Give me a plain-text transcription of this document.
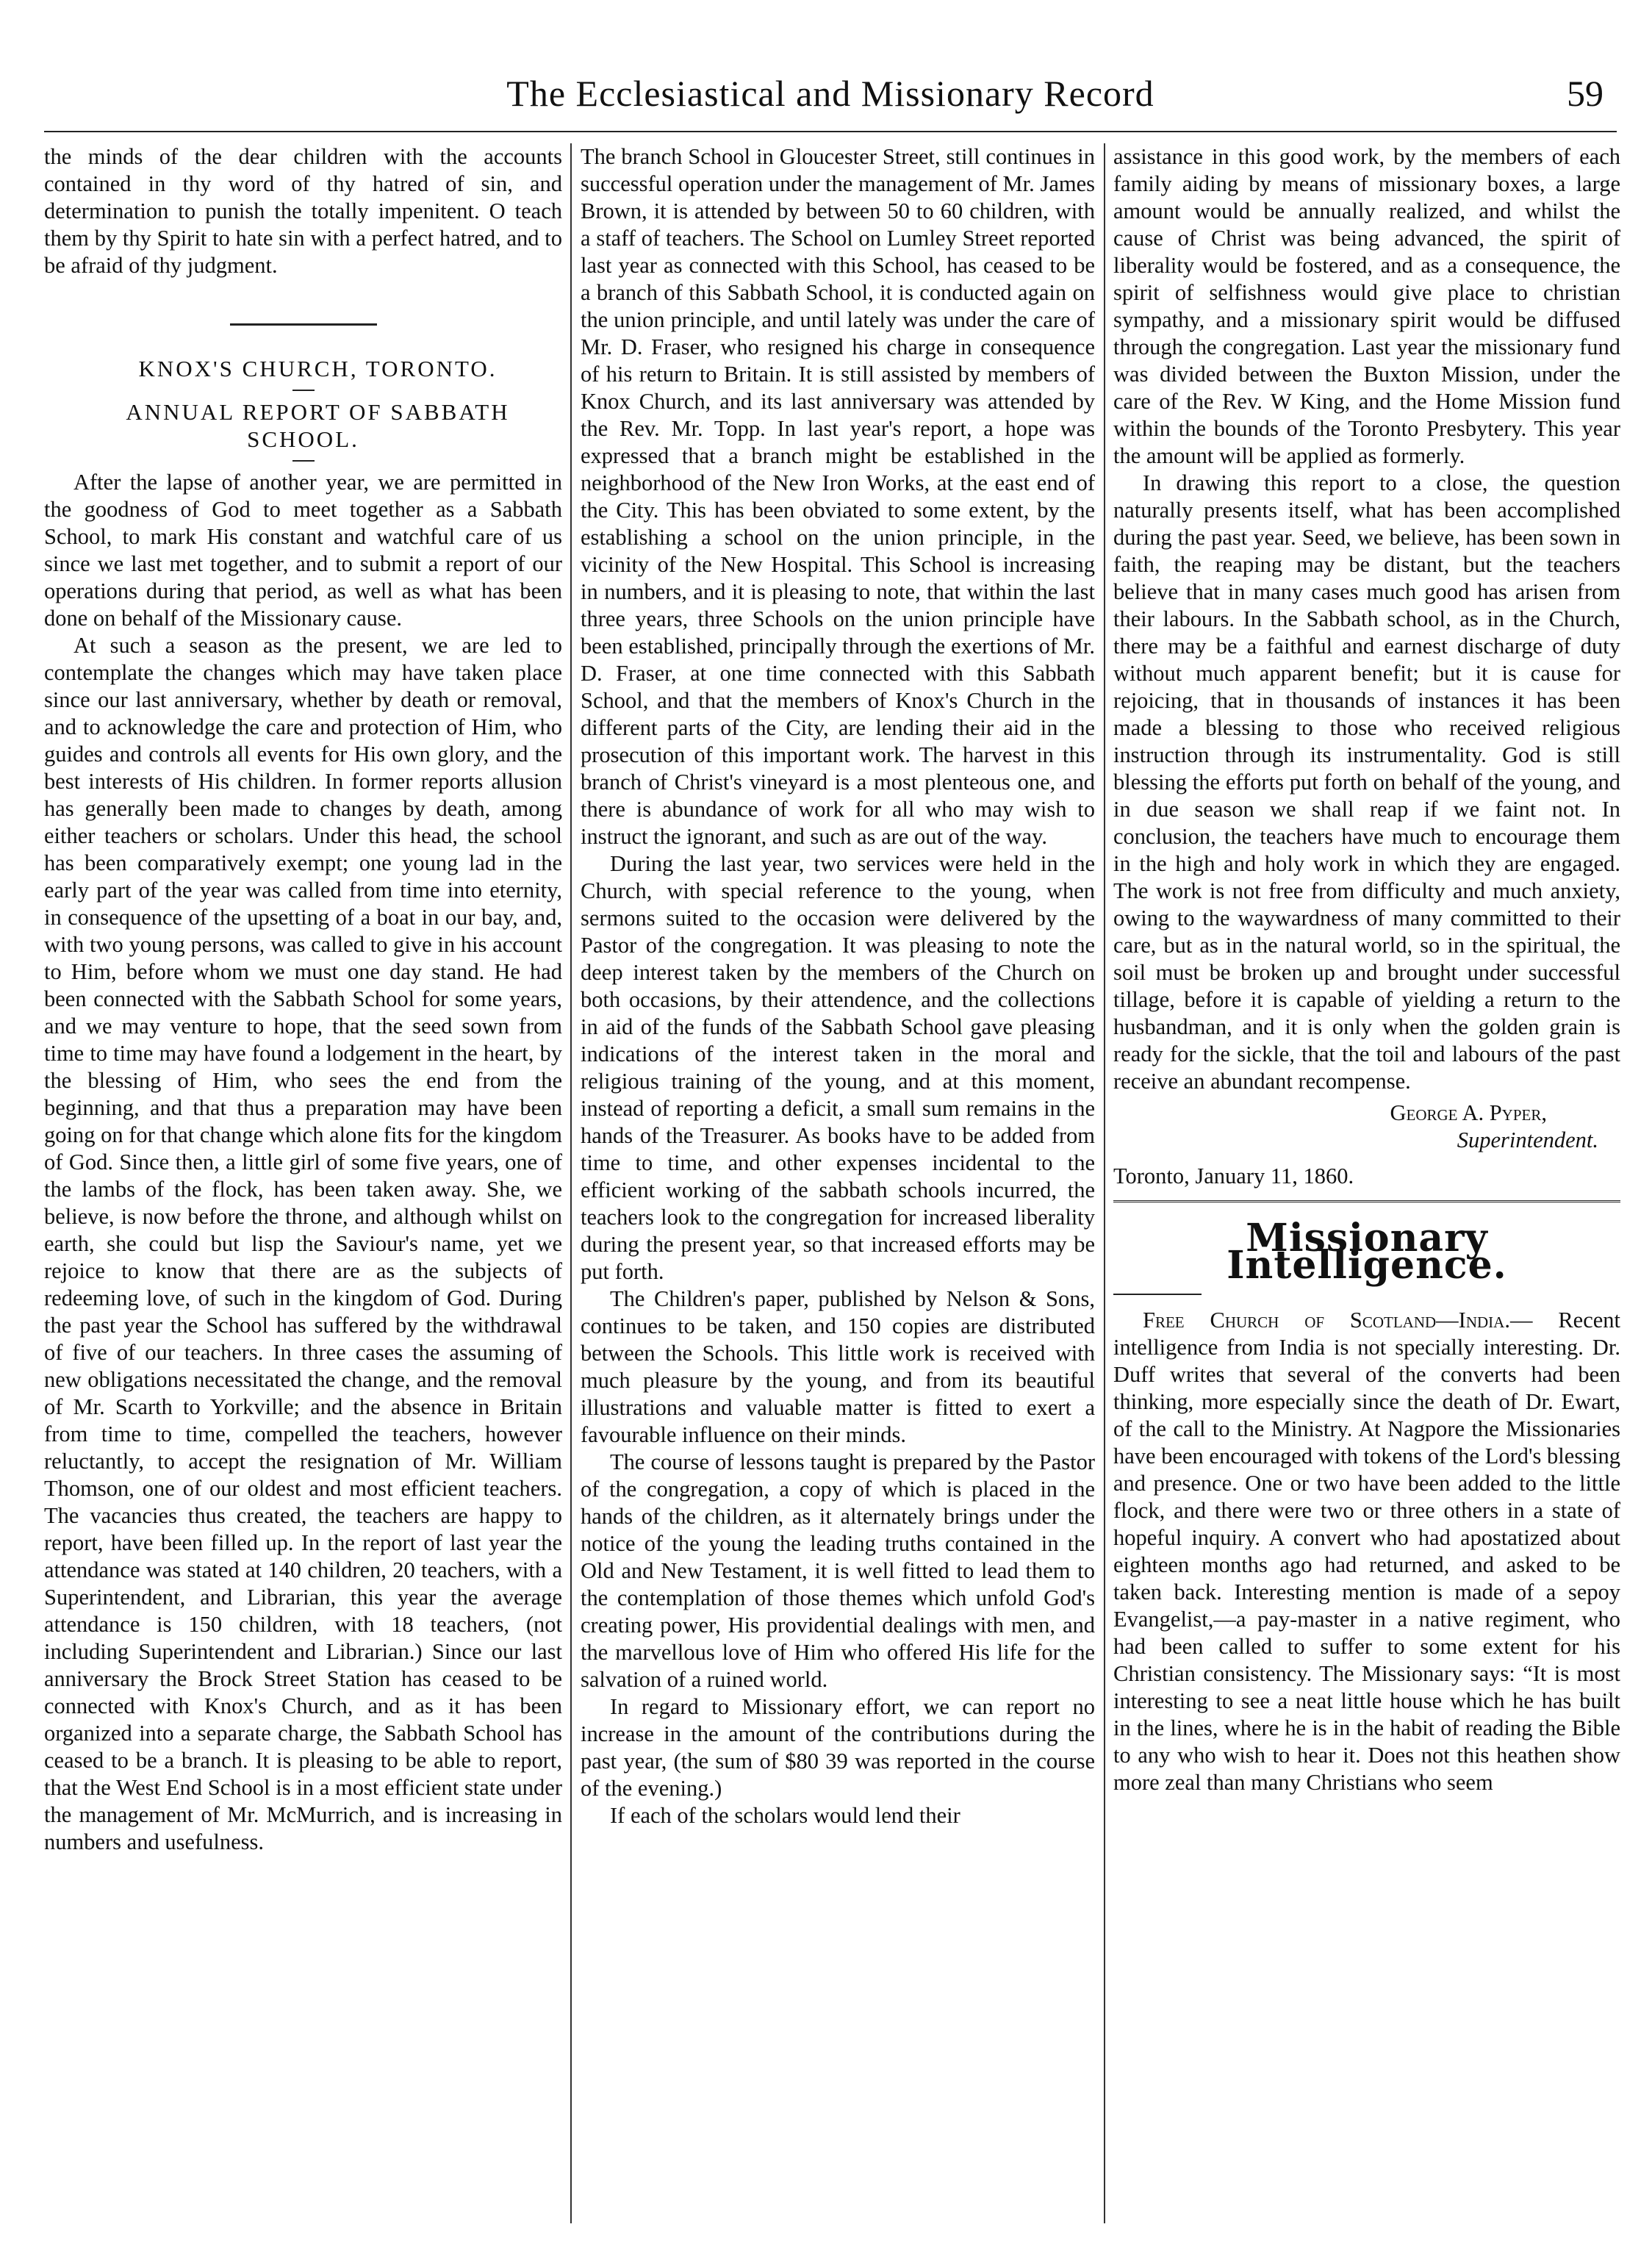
The Ecclesiastical and Missionary Record	59

the minds of the dear children with the accounts contained in thy word of thy hatred of sin, and determination to punish the totally impenitent. O teach them by thy Spirit to hate sin with a perfect hatred, and to be afraid of thy judgment.

KNOX'S CHURCH, TORONTO.

ANNUAL REPORT OF SABBATH SCHOOL.

After the lapse of another year, we are permitted in the goodness of God to meet together as a Sabbath School, to mark His constant and watchful care of us since we last met together, and to submit a report of our operations during that period, as well as what has been done on behalf of the Missionary cause.

At such a season as the present, we are led to contemplate the changes which may have taken place since our last anniversary, whether by death or removal, and to acknowledge the care and protection of Him, who guides and controls all events for His own glory, and the best interests of His children. In former reports allusion has generally been made to changes by death, among either teachers or scholars. Under this head, the school has been comparatively exempt; one young lad in the early part of the year was called from time into eternity, in consequence of the upsetting of a boat in our bay, and, with two young persons, was called to give in his account to Him, before whom we must one day stand. He had been connected with the Sabbath School for some years, and we may venture to hope, that the seed sown from time to time may have found a lodgement in the heart, by the blessing of Him, who sees the end from the beginning, and that thus a preparation may have been going on for that change which alone fits for the kingdom of God. Since then, a little girl of some five years, one of the lambs of the flock, has been taken away. She, we believe, is now before the throne, and although whilst on earth, she could but lisp the Saviour's name, yet we rejoice to know that there are as the subjects of redeeming love, of such in the kingdom of God. During the past year the School has suffered by the withdrawal of five of our teachers. In three cases the assuming of new obligations necessitated the change, and the removal of Mr. Scarth to Yorkville; and the absence in Britain from time to time, compelled the teachers, however reluctantly, to accept the resignation of Mr. William Thomson, one of our oldest and most efficient teachers. The vacancies thus created, the teachers are happy to report, have been filled up. In the report of last year the attendance was stated at 140 children, 20 teachers, with a Superintendent, and Librarian, this year the average attendance is 150 children, with 18 teachers, (not including Superintendent and Librarian.) Since our last anniversary the Brock Street Station has ceased to be connected with Knox's Church, and as it has been organized into a separate charge, the Sabbath School has ceased to be a branch. It is pleasing to be able to report, that the West End School is in a most efficient state under the management of Mr. McMurrich, and is increasing in numbers and usefulness.

The branch School in Gloucester Street, still continues in successful operation under the management of Mr. James Brown, it is attended by between 50 to 60 children, with a staff of teachers. The School on Lumley Street reported last year as connected with this School, has ceased to be a branch of this Sabbath School, it is conducted again on the union principle, and until lately was under the care of Mr. D. Fraser, who resigned his charge in consequence of his return to Britain. It is still assisted by members of Knox Church, and its last anniversary was attended by the Rev. Mr. Topp. In last year's report, a hope was expressed that a branch might be established in the neighborhood of the New Iron Works, at the east end of the City. This has been obviated to some extent, by the establishing a school on the union principle, in the vicinity of the New Hospital. This School is increasing in numbers, and it is pleasing to note, that within the last three years, three Schools on the union principle have been established, principally through the exertions of Mr. D. Fraser, at one time connected with this Sabbath School, and that the members of Knox's Church in the different parts of the City, are lending their aid in the prosecution of this important work. The harvest in this branch of Christ's vineyard is a most plenteous one, and there is abundance of work for all who may wish to instruct the ignorant, and such as are out of the way.

During the last year, two services were held in the Church, with special reference to the young, when sermons suited to the occasion were delivered by the Pastor of the congregation. It was pleasing to note the deep interest taken by the members of the Church on both occasions, by their attendence, and the collections in aid of the funds of the Sabbath School gave pleasing indications of the interest taken in the moral and religious training of the young, and at this moment, instead of reporting a deficit, a small sum remains in the hands of the Treasurer. As books have to be added from time to time, and other expenses incidental to the efficient working of the sabbath schools incurred, the teachers look to the congregation for increased liberality during the present year, so that increased efforts may be put forth.

The Children's paper, published by Nelson & Sons, continues to be taken, and 150 copies are distributed between the Schools. This little work is received with much pleasure by the young, and from its beautiful illustrations and valuable matter is fitted to exert a favourable influence on their minds.

The course of lessons taught is prepared by the Pastor of the congregation, a copy of which is placed in the hands of the children, as it alternately brings under the notice of the young the leading truths contained in the Old and New Testament, it is well fitted to lead them to the contemplation of those themes which unfold God's creating power, His providential dealings with men, and the marvellous love of Him who offered His life for the salvation of a ruined world.

In regard to Missionary effort, we can report no increase in the amount of the contributions during the past year, (the sum of $80 39 was reported in the course of the evening.)

If each of the scholars would lend their

assistance in this good work, by the members of each family aiding by means of missionary boxes, a large amount would be annually realized, and whilst the cause of Christ was being advanced, the spirit of liberality would be fostered, and as a consequence, the spirit of selfishness would give place to christian sympathy, and a missionary spirit would be diffused through the congregation. Last year the missionary fund was divided between the Buxton Mission, under the care of the Rev. W King, and the Home Mission fund within the bounds of the Toronto Presbytery. This year the amount will be applied as formerly.

In drawing this report to a close, the question naturally presents itself, what has been accomplished during the past year. Seed, we believe, has been sown in faith, the reaping may be distant, but the teachers believe that in many cases much good has arisen from their labours. In the Sabbath school, as in the Church, there may be a faithful and earnest discharge of duty without much apparent benefit; but it is cause for rejoicing, that in thousands of instances it has been made a blessing to those who received religious instruction through its instrumentality. God is still blessing the efforts put forth on behalf of the young, and in due season we shall reap if we faint not. In conclusion, the teachers have much to encourage them in the high and holy work in which they are engaged. The work is not free from difficulty and much anxiety, owing to the waywardness of many committed to their care, but as in the natural world, so in the spiritual, the soil must be broken up and brought under successful tillage, before it is capable of yielding a return to the husbandman, and it is only when the golden grain is ready for the sickle, that the toil and labours of the past receive an abundant recompense.

George A. Pyper,
Superintendent.
Toronto, January 11, 1860.
Missionary Intelligence.

Free Church of Scotland—India.— Recent intelligence from India is not specially interesting. Dr. Duff writes that several of the converts had been thinking, more especially since the death of Dr. Ewart, of the call to the Ministry. At Nagpore the Missionaries have been encouraged with tokens of the Lord's blessing and presence. One or two have been added to the little flock, and there were two or three others in a state of hopeful inquiry. A convert who had apostatized about eighteen months ago had returned, and asked to be taken back. Interesting mention is made of a sepoy Evangelist,—a pay-master in a native regiment, who had been called to suffer to some extent for his Christian consistency. The Missionary says: “It is most interesting to see a neat little house which he has built in the lines, where he is in the habit of reading the Bible to any who wish to hear it. Does not this heathen show more zeal than many Christians who seem
